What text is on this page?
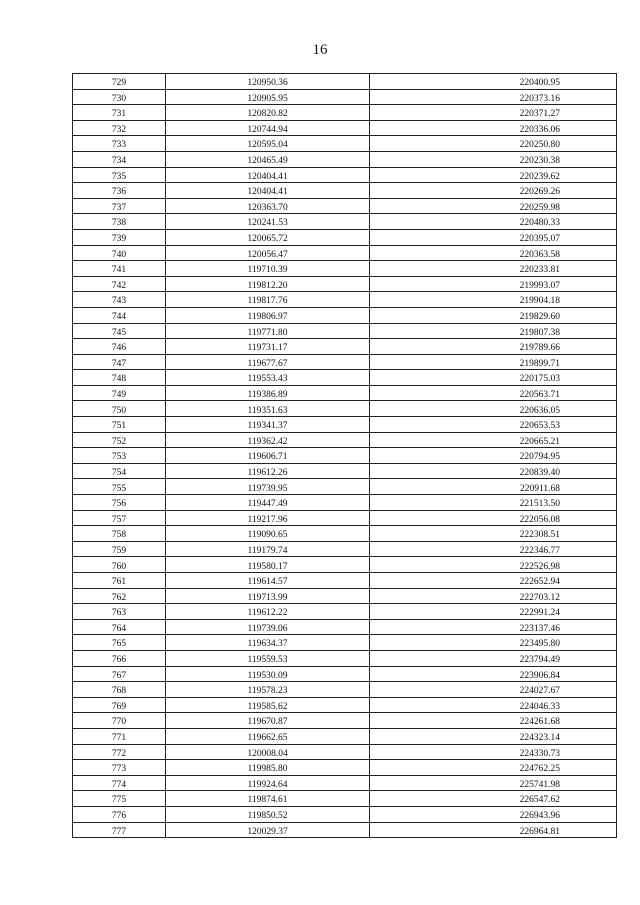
16
729	120950.36	220400.95
730	120905.95	220373.16
731	120820.82	220371.27
732	120744.94	220336.06
733	120595.04	220250.80
734	120465.49	220230.38
735	120404.41	220239.62
736	120404.41	220269.26
737	120363.70	220259.98
738	120241.53	220480.33
739	120065.72	220395.07
740	120056.47	220363.58
741	119710.39	220233.81
742	119812.20	219993.07
743	119817.76	219904.18
744	119806.97	219829.60
745	119771.80	219807.38
746	119731.17	219789.66
747	119677.67	219899.71
748	119553.43	220175.03
749	119386.89	220563.71
750	119351.63	220636.05
751	119341.37	220653.53
752	119362.42	220665.21
753	119606.71	220794.95
754	119612.26	220839.40
755	119739.95	220911.68
756	119447.49	221513.50
757	119217.96	222056.08
758	119090.65	222308.51
759	119179.74	222346.77
760	119580.17	222526.98
761	119614.57	222652.94
762	119713.99	222703.12
763	119612.22	222991.24
764	119739.06	223137.46
765	119634.37	223495.80
766	119559.53	223794.49
767	119530.09	223906.84
768	119578.23	224027.67
769	119585.62	224046.33
770	119670.87	224261.68
771	119662.65	224323.14
772	120008.04	224330.73
773	119985.80	224762.25
774	119924.64	225741.98
775	119874.61	226547.62
776	119850.52	226943.96
777	120029.37	226964.81
